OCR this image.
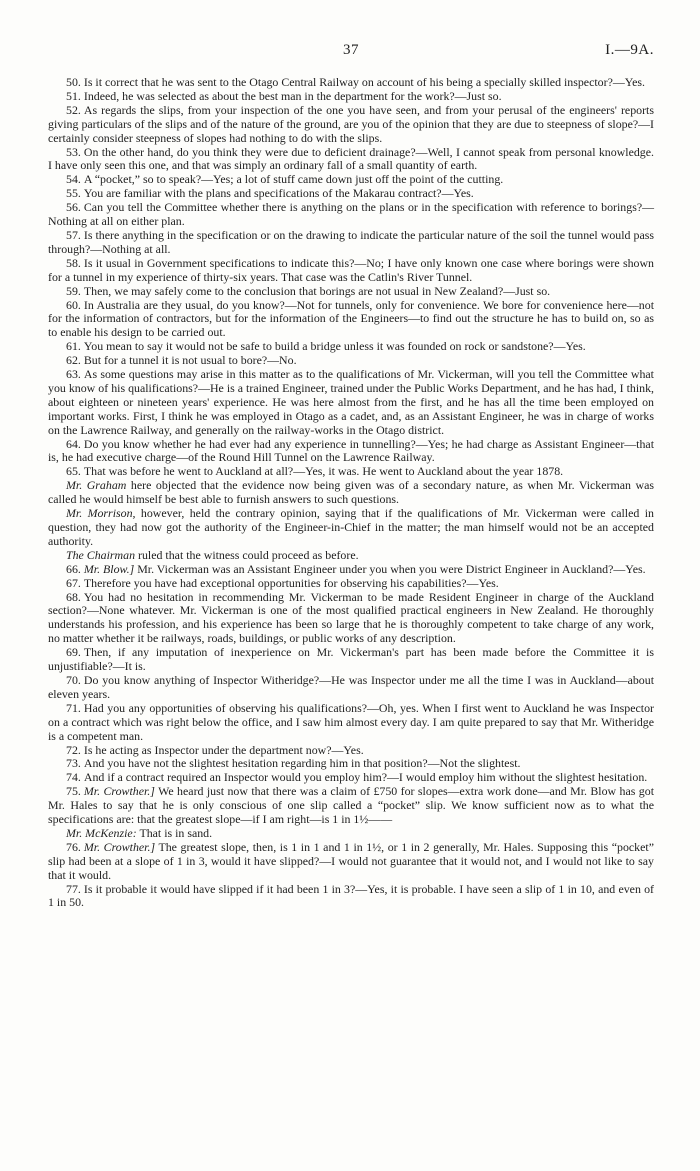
37	I.—9A.

50. Is it correct that he was sent to the Otago Central Railway on account of his being a specially skilled inspector?—Yes.

51. Indeed, he was selected as about the best man in the department for the work?—Just so.

52. As regards the slips, from your inspection of the one you have seen, and from your perusal of the engineers' reports giving particulars of the slips and of the nature of the ground, are you of the opinion that they are due to steepness of slope?—I certainly consider steepness of slopes had nothing to do with the slips.

53. On the other hand, do you think they were due to deficient drainage?—Well, I cannot speak from personal knowledge. I have only seen this one, and that was simply an ordinary fall of a small quantity of earth.

54. A “pocket,” so to speak?—Yes; a lot of stuff came down just off the point of the cutting.

55. You are familiar with the plans and specifications of the Makarau contract?—Yes.

56. Can you tell the Committee whether there is anything on the plans or in the specification with reference to borings?—Nothing at all on either plan.

57. Is there anything in the specification or on the drawing to indicate the particular nature of the soil the tunnel would pass through?—Nothing at all.

58. Is it usual in Government specifications to indicate this?—No; I have only known one case where borings were shown for a tunnel in my experience of thirty-six years. That case was the Catlin's River Tunnel.

59. Then, we may safely come to the conclusion that borings are not usual in New Zealand?—Just so.

60. In Australia are they usual, do you know?—Not for tunnels, only for convenience. We bore for convenience here—not for the information of contractors, but for the information of the Engineers—to find out the structure he has to build on, so as to enable his design to be carried out.

61. You mean to say it would not be safe to build a bridge unless it was founded on rock or sandstone?—Yes.

62. But for a tunnel it is not usual to bore?—No.

63. As some questions may arise in this matter as to the qualifications of Mr. Vickerman, will you tell the Committee what you know of his qualifications?—He is a trained Engineer, trained under the Public Works Department, and he has had, I think, about eighteen or nineteen years' experience. He was here almost from the first, and he has all the time been employed on important works. First, I think he was employed in Otago as a cadet, and, as an Assistant Engineer, he was in charge of works on the Lawrence Railway, and generally on the railway-works in the Otago district.

64. Do you know whether he had ever had any experience in tunnelling?—Yes; he had charge as Assistant Engineer—that is, he had executive charge—of the Round Hill Tunnel on the Lawrence Railway.

65. That was before he went to Auckland at all?—Yes, it was. He went to Auckland about the year 1878.

Mr. Graham here objected that the evidence now being given was of a secondary nature, as when Mr. Vickerman was called he would himself be best able to furnish answers to such questions.

Mr. Morrison, however, held the contrary opinion, saying that if the qualifications of Mr. Vickerman were called in question, they had now got the authority of the Engineer-in-Chief in the matter; the man himself would not be an accepted authority.

The Chairman ruled that the witness could proceed as before.

66. Mr. Blow.] Mr. Vickerman was an Assistant Engineer under you when you were District Engineer in Auckland?—Yes.

67. Therefore you have had exceptional opportunities for observing his capabilities?—Yes.

68. You had no hesitation in recommending Mr. Vickerman to be made Resident Engineer in charge of the Auckland section?—None whatever. Mr. Vickerman is one of the most qualified practical engineers in New Zealand. He thoroughly understands his profession, and his experience has been so large that he is thoroughly competent to take charge of any work, no matter whether it be railways, roads, buildings, or public works of any description.

69. Then, if any imputation of inexperience on Mr. Vickerman's part has been made before the Committee it is unjustifiable?—It is.

70. Do you know anything of Inspector Witheridge?—He was Inspector under me all the time I was in Auckland—about eleven years.

71. Had you any opportunities of observing his qualifications?—Oh, yes. When I first went to Auckland he was Inspector on a contract which was right below the office, and I saw him almost every day. I am quite prepared to say that Mr. Witheridge is a competent man.

72. Is he acting as Inspector under the department now?—Yes.

73. And you have not the slightest hesitation regarding him in that position?—Not the slightest.

74. And if a contract required an Inspector would you employ him?—I would employ him without the slightest hesitation.

75. Mr. Crowther.] We heard just now that there was a claim of £750 for slopes—extra work done—and Mr. Blow has got Mr. Hales to say that he is only conscious of one slip called a “pocket” slip. We know sufficient now as to what the specifications are: that the greatest slope—if I am right—is 1 in 1½——

Mr. McKenzie: That is in sand.

76. Mr. Crowther.] The greatest slope, then, is 1 in 1 and 1 in 1½, or 1 in 2 generally, Mr. Hales. Supposing this “pocket” slip had been at a slope of 1 in 3, would it have slipped?—I would not guarantee that it would not, and I would not like to say that it would.

77. Is it probable it would have slipped if it had been 1 in 3?—Yes, it is probable. I have seen a slip of 1 in 10, and even of 1 in 50.
